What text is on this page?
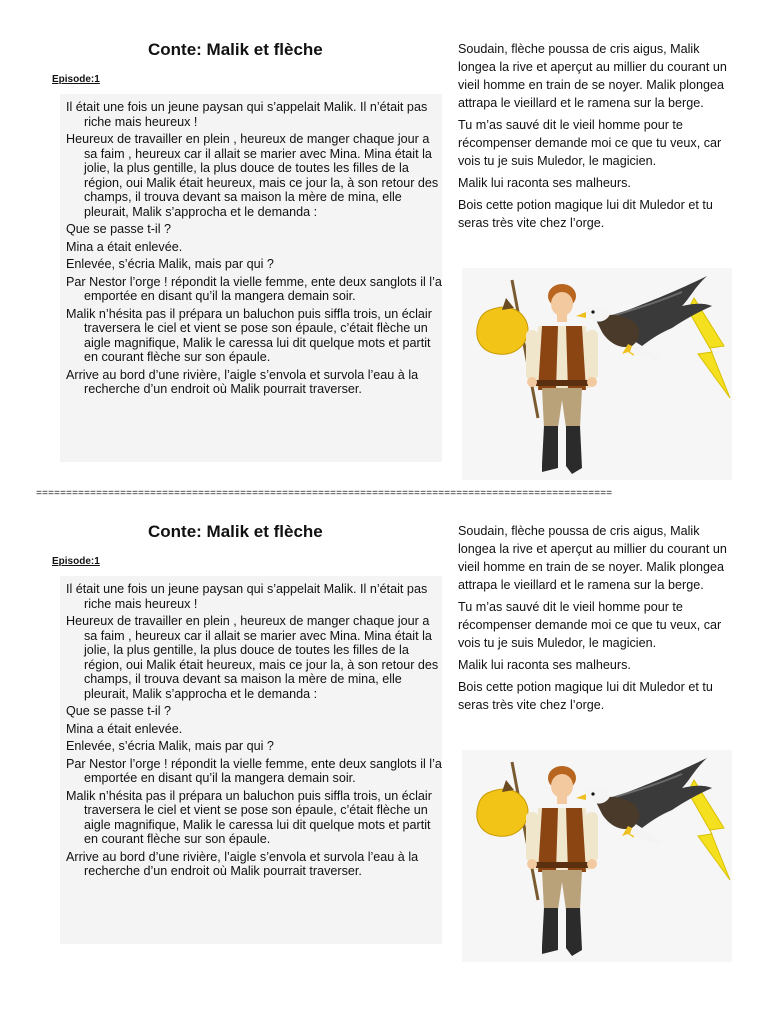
Conte: Malik et flèche
Episode:1

Il était une fois un jeune paysan qui s’appelait Malik. Il n’était pas riche mais heureux !

Heureux de travailler en plein , heureux de manger chaque jour a sa faim , heureux car il allait se marier avec Mina. Mina était la jolie, la plus gentille, la plus douce de toutes les filles de la région, oui Malik était heureux, mais ce jour la, à son retour des champs, il trouva devant sa maison la mère de mina, elle pleurait, Malik s’approcha et le demanda :

Que se passe t-il ?

Mina a était enlevée.

Enlevée, s’écria Malik, mais par qui ?

Par Nestor l’orge ! répondit la vielle femme, ente deux sanglots il l’a emportée en disant qu’il la mangera demain soir.

Malik n’hésita pas il prépara un baluchon puis siffla trois, un éclair traversera le ciel et vient se pose son épaule, c’était flèche un aigle magnifique, Malik le caressa lui dit quelque mots et partit en courant flèche sur son épaule.

Arrive au bord d’une rivière, l’aigle s’envola et survola l’eau à la recherche d’un endroit où Malik pourrait traverser.

Soudain, flèche poussa de cris aigus, Malik longea la rive et aperçut au millier du courant un vieil homme en train de se noyer. Malik plongea attrapa le vieillard et le ramena sur la berge.

Tu m’as sauvé dit le vieil homme pour te récompenser demande moi ce que tu veux, car vois tu je suis Muledor, le magicien.

Malik lui raconta ses malheurs.

Bois cette potion magique lui dit Muledor et tu seras très vite chez l’orge.

================================================================================================
Conte: Malik et flèche
Episode:1

Il était une fois un jeune paysan qui s’appelait Malik. Il n’était pas riche mais heureux !

Heureux de travailler en plein , heureux de manger chaque jour a sa faim , heureux car il allait se marier avec Mina. Mina était la jolie, la plus gentille, la plus douce de toutes les filles de la région, oui Malik était heureux, mais ce jour la, à son retour des champs, il trouva devant sa maison la mère de mina, elle pleurait, Malik s’approcha et le demanda :

Que se passe t-il ?

Mina a était enlevée.

Enlevée, s’écria Malik, mais par qui ?

Par Nestor l’orge ! répondit la vielle femme, ente deux sanglots il l’a emportée en disant qu’il la mangera demain soir.

Malik n’hésita pas il prépara un baluchon puis siffla trois, un éclair traversera le ciel et vient se pose son épaule, c’était flèche un aigle magnifique, Malik le caressa lui dit quelque mots et partit en courant flèche sur son épaule.

Arrive au bord d’une rivière, l’aigle s’envola et survola l’eau à la recherche d’un endroit où Malik pourrait traverser.

Soudain, flèche poussa de cris aigus, Malik longea la rive et aperçut au millier du courant un vieil homme en train de se noyer. Malik plongea attrapa le vieillard et le ramena sur la berge.

Tu m’as sauvé dit le vieil homme pour te récompenser demande moi ce que tu veux, car vois tu je suis Muledor, le magicien.

Malik lui raconta ses malheurs.

Bois cette potion magique lui dit Muledor et tu seras très vite chez l’orge.
